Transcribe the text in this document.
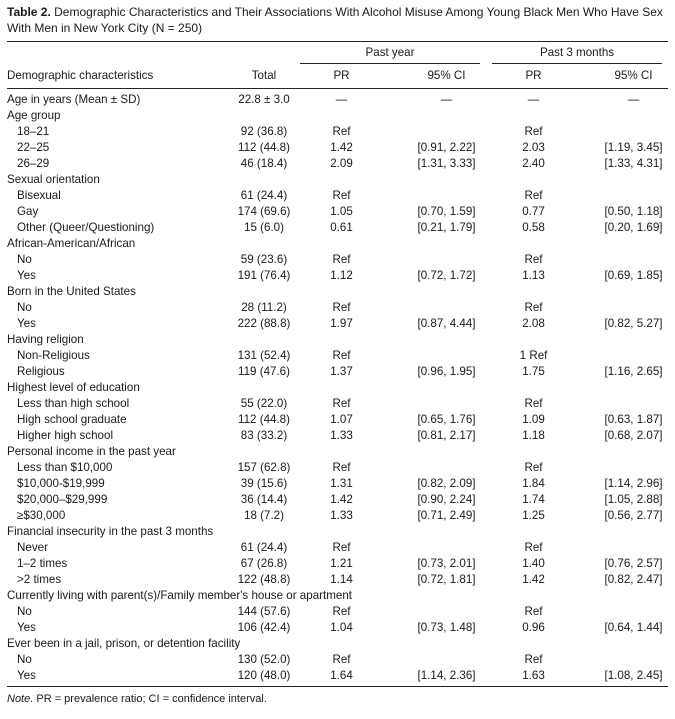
Table 2. Demographic Characteristics and Their Associations With Alcohol Misuse Among Young Black Men Who Have Sex With Men in New York City (N = 250)

		Past year		Past 3 months	

Demographic characteristics	Total	PR	95% CI	PR	95% CI
Age in years (Mean ± SD)	22.8 ± 3.0	—	—	—	—
Age group					
18–21	92 (36.8)	Ref		Ref	
22–25	112 (44.8)	1.42	[0.91, 2.22]	2.03	[1.19, 3.45]
26–29	46 (18.4)	2.09	[1.31, 3.33]	2.40	[1.33, 4.31]
Sexual orientation					
Bisexual	61 (24.4)	Ref		Ref	
Gay	174 (69.6)	1.05	[0.70, 1.59]	0.77	[0.50, 1.18]
Other (Queer/Questioning)	15 (6.0)	0.61	[0.21, 1.79]	0.58	[0.20, 1.69]
African-American/African					
No	59 (23.6)	Ref		Ref	
Yes	191 (76.4)	1.12	[0.72, 1.72]	1.13	[0.69, 1.85]
Born in the United States					
No	28 (11.2)	Ref		Ref	
Yes	222 (88.8)	1.97	[0.87, 4.44]	2.08	[0.82, 5.27]
Having religion					
Non-Religious	131 (52.4)	Ref		1 Ref	
Religious	119 (47.6)	1.37	[0.96, 1.95]	1.75	[1.16, 2.65]
Highest level of education					
Less than high school	55 (22.0)	Ref		Ref	
High school graduate	112 (44.8)	1.07	[0.65, 1.76]	1.09	[0.63, 1.87]
Higher high school	83 (33.2)	1.33	[0.81, 2.17]	1.18	[0.68, 2.07]
Personal income in the past year					
Less than $10,000	157 (62.8)	Ref		Ref	
$10,000-$19,999	39 (15.6)	1.31	[0.82, 2.09]	1.84	[1.14, 2.96]
$20,000–$29,999	36 (14.4)	1.42	[0.90, 2.24]	1.74	[1.05, 2.88]
≥$30,000	18 (7.2)	1.33	[0.71, 2.49]	1.25	[0.56, 2.77]
Financial insecurity in the past 3 months					
Never	61 (24.4)	Ref		Ref	
1–2 times	67 (26.8)	1.21	[0.73, 2.01]	1.40	[0.76, 2.57]
>2 times	122 (48.8)	1.14	[0.72, 1.81]	1.42	[0.82, 2.47]
Currently living with parent(s)/Family member's house or apartment					
No	144 (57.6)	Ref		Ref	
Yes	106 (42.4)	1.04	[0.73, 1.48]	0.96	[0.64, 1.44]
Ever been in a jail, prison, or detention facility					
No	130 (52.0)	Ref		Ref	
Yes	120 (48.0)	1.64	[1.14, 2.36]	1.63	[1.08, 2.45]
Note. PR = prevalence ratio; CI = confidence interval.
